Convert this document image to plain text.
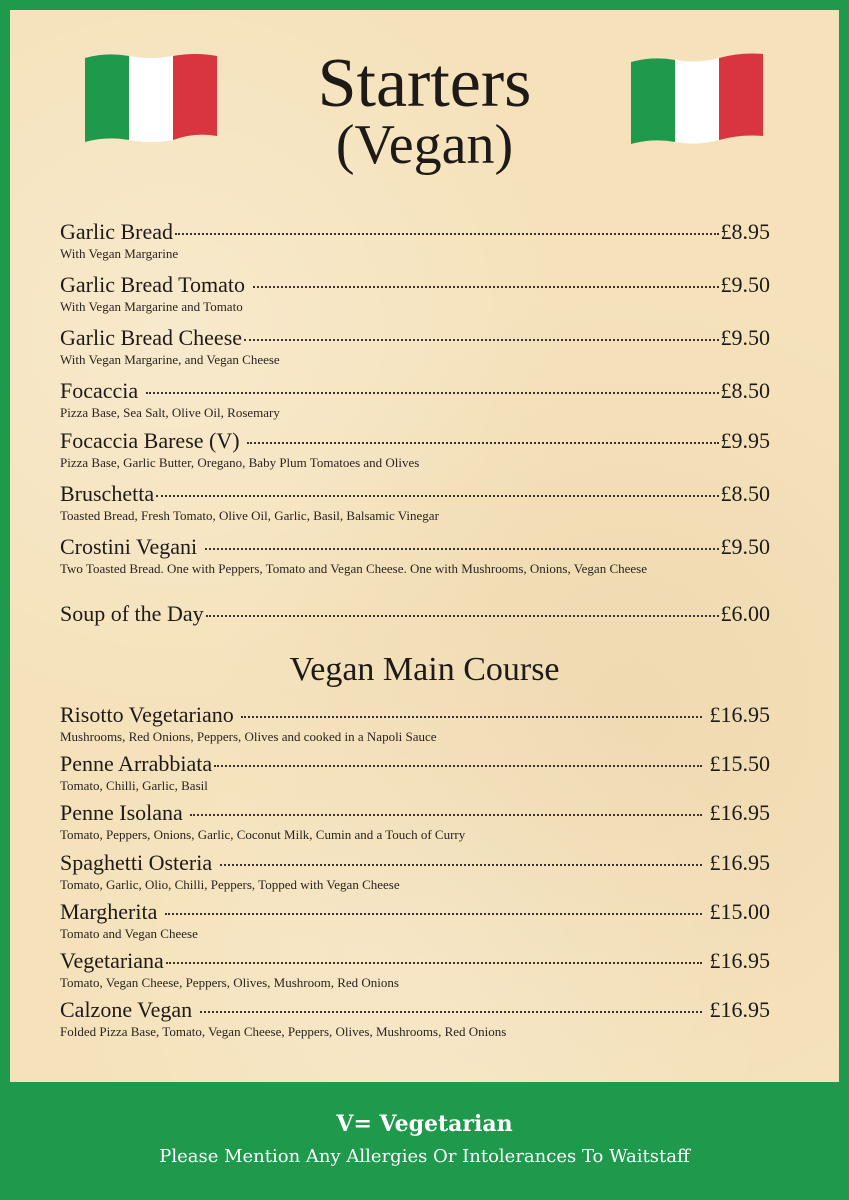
Starters
(Vegan)
Garlic Bread	£8.95
With Vegan Margarine
Garlic Bread Tomato	£9.50
With Vegan Margarine and Tomato
Garlic Bread Cheese	£9.50
With Vegan Margarine, and Vegan Cheese
Focaccia	£8.50
Pizza Base, Sea Salt, Olive Oil, Rosemary
Focaccia Barese (V)	£9.95
Pizza Base, Garlic Butter, Oregano, Baby Plum Tomatoes and Olives
Bruschetta	£8.50
Toasted Bread, Fresh Tomato, Olive Oil, Garlic, Basil, Balsamic Vinegar
Crostini Vegani	£9.50
Two Toasted Bread. One with Peppers, Tomato and Vegan Cheese. One with Mushrooms, Onions, Vegan Cheese
Soup of the Day	£6.00
Vegan Main Course
Risotto Vegetariano	£16.95
Mushrooms, Red Onions, Peppers, Olives and cooked in a Napoli Sauce
Penne Arrabbiata	£15.50
Tomato, Chilli, Garlic, Basil
Penne Isolana	£16.95
Tomato, Peppers, Onions, Garlic, Coconut Milk, Cumin and a Touch of Curry
Spaghetti Osteria	£16.95
Tomato, Garlic, Olio, Chilli, Peppers, Topped with Vegan Cheese
Margherita	£15.00
Tomato and Vegan Cheese
Vegetariana	£16.95
Tomato, Vegan Cheese, Peppers, Olives, Mushroom, Red Onions
Calzone Vegan	£16.95
Folded Pizza Base, Tomato, Vegan Cheese, Peppers, Olives, Mushrooms, Red Onions
V= Vegetarian
Please Mention Any Allergies Or Intolerances To Waitstaff
